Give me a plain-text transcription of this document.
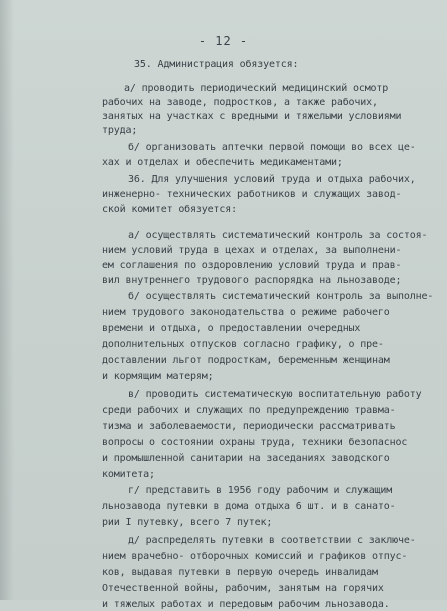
- 12 -
35. Администрация обязуется:
а/ проводить периодический медицинский осмотр
рабочих на заводе, подростков, а также рабочих,
занятых на участках с вредными и тяжелыми условиями
труда;
б/ организовать аптечки первой помощи во всех це-
хах и отделах и обеспечить медикаментами;
36. Для улучшения условий труда и отдыха рабочих,
инженерно- технических работников и служащих завод-
ской комитет обязуется:
а/ осуществлять систематический контроль за состоя-
нием условий труда в цехах и отделах, за выполнени-
ем соглашения по оздоровлению условий труда и прав-
вил внутреннего трудового распорядка на льнозаводе;
б/ осуществлять систематический контроль за выполне-
нием трудового законодательства о режиме рабочего
времени и отдыха, о предоставлении очередных
дополнительных отпусков согласно графику, о пре-
доставлении льгот подросткам, беременным женщинам
и кормящим матерям;
в/ проводить систематическую воспитательную работу
среди рабочих и служащих по предупреждению травма-
тизма и заболеваемости, периодически рассматривать
вопросы о состоянии охраны труда, техники безопаснос
и промышленной санитарии на заседаниях заводского
комитета;
г/ представить в 1956 году рабочим и служащим
льнозавода путевки в дома отдыха 6 шт. и в санато-
рии I путевку, всего 7 путек;
д/ распределять путевки в соответствии с заключе-
нием врачебно- отборочных комиссий и графиков отпус-
ков, выдавая путевки в первую очередь инвалидам
Отечественной войны, рабочим, занятым на горячих
и тяжелых работах и передовым рабочим льнозавода.
